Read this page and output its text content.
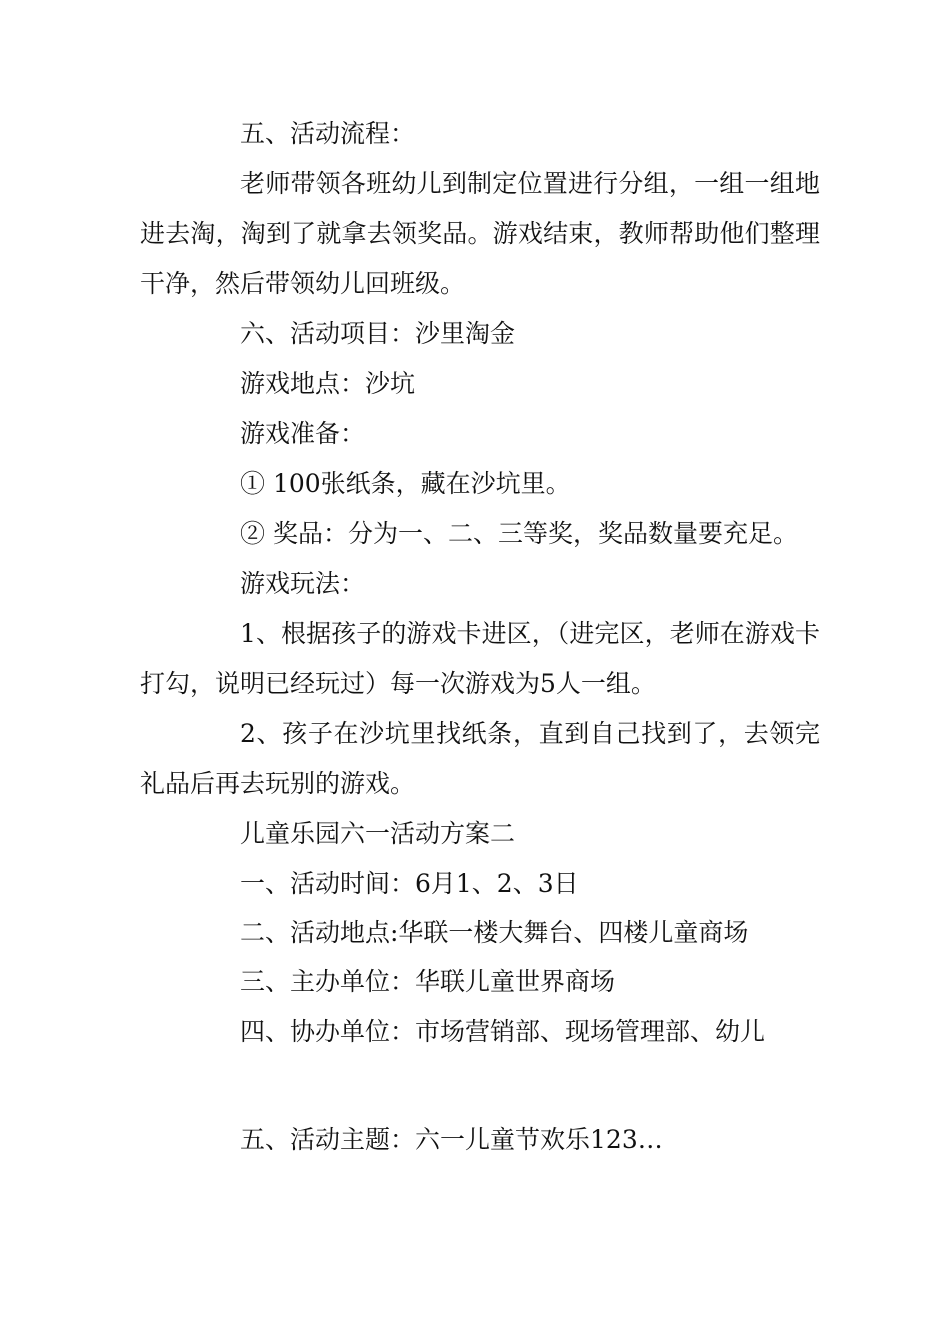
五、活动流程：

老师带领各班幼儿到制定位置进行分组，一组一组地进去淘，淘到了就拿去领奖品。游戏结束，教师帮助他们整理干净，然后带领幼儿回班级。

六、活动项目：沙里淘金

游戏地点：沙坑

游戏准备：

① 100张纸条，藏在沙坑里。

② 奖品：分为一、二、三等奖，奖品数量要充足。

游戏玩法：

1、根据孩子的游戏卡进区，（进完区，老师在游戏卡打勾，说明已经玩过）每一次游戏为5人一组。

2、孩子在沙坑里找纸条，直到自己找到了，去领完礼品后再去玩别的游戏。

儿童乐园六一活动方案二

一、活动时间：6月1、2、3日

二、活动地点:华联一楼大舞台、四楼儿童商场

三、主办单位：华联儿童世界商场

四、协办单位：市场营销部、现场管理部、幼儿

五、活动主题：六一儿童节欢乐123…
